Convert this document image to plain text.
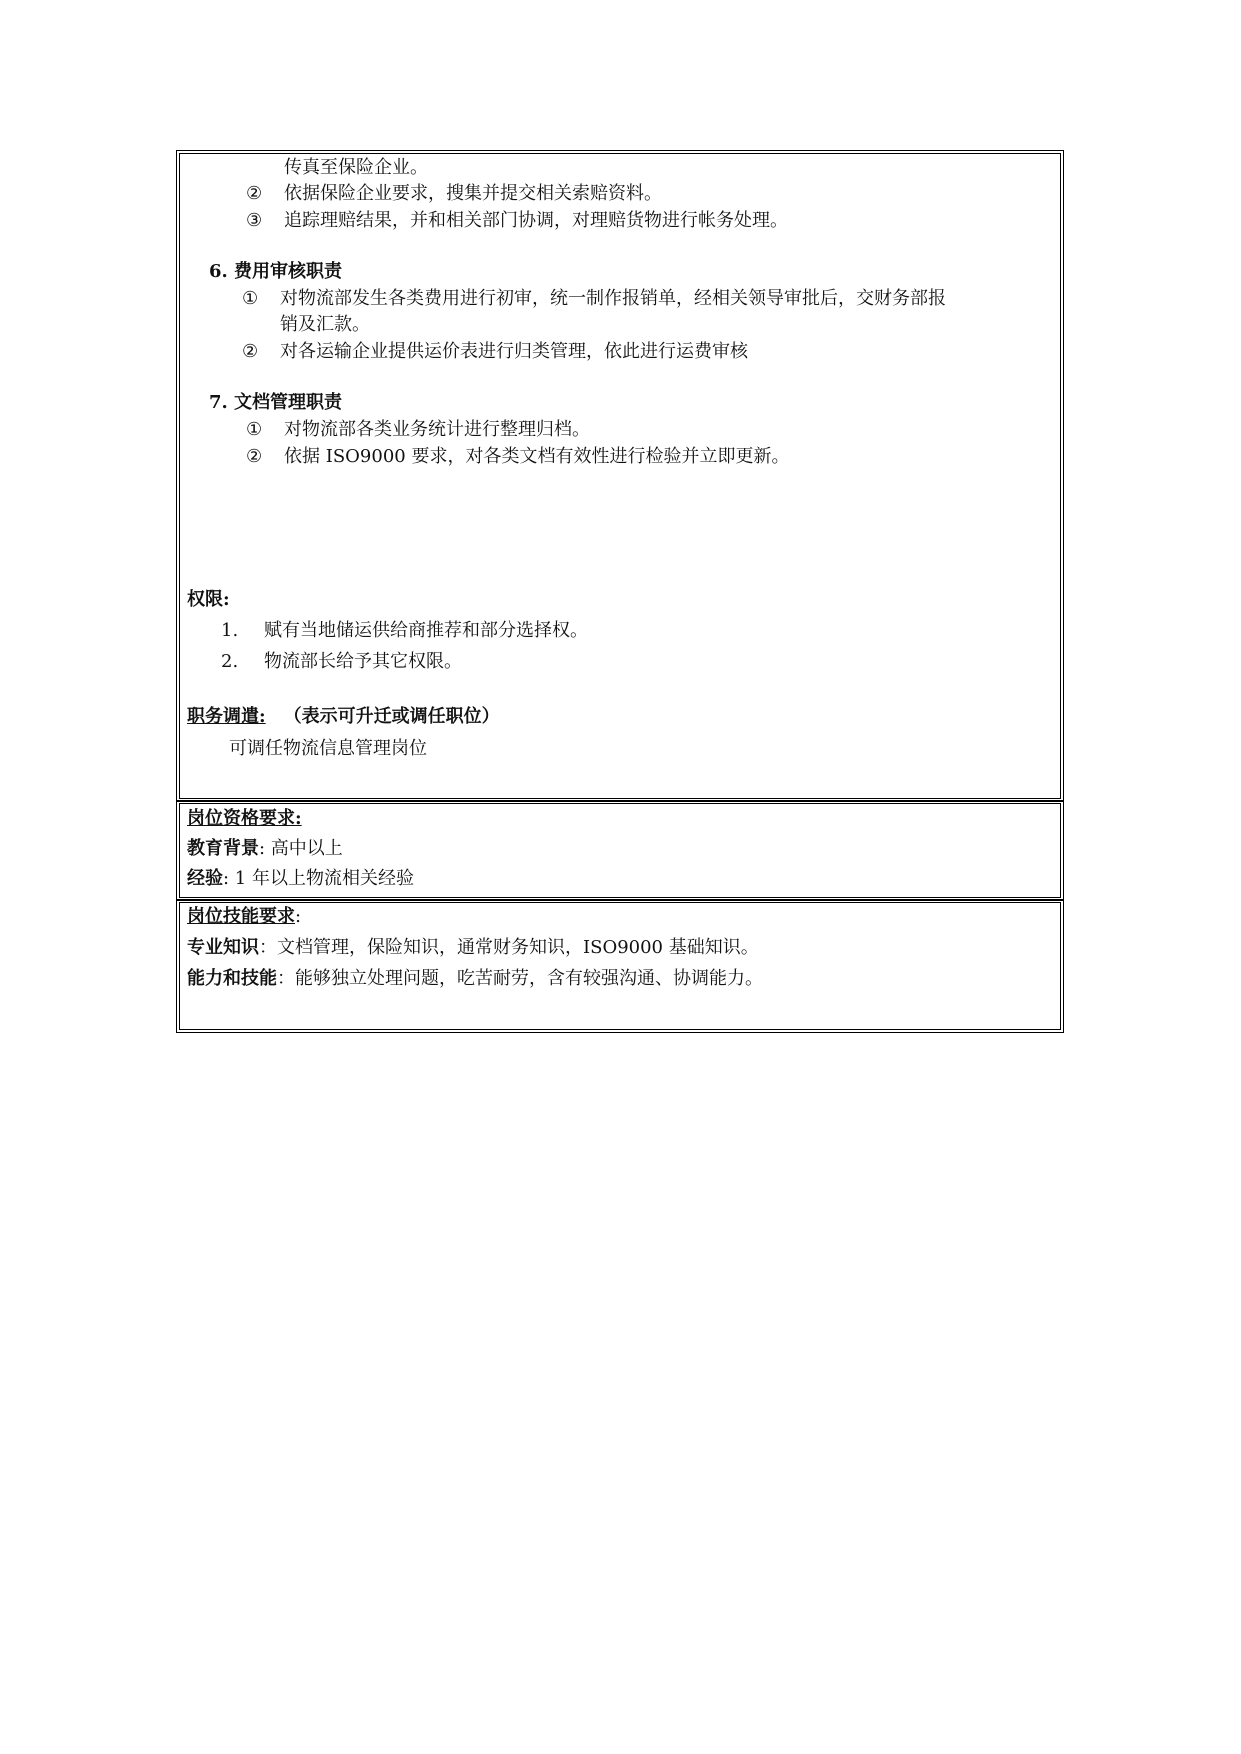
传真至保险企业。
② 依据保险企业要求，搜集并提交相关索赔资料。
③ 追踪理赔结果，并和相关部门协调，对理赔货物进行帐务处理。
6. 费用审核职责
① 对物流部发生各类费用进行初审，统一制作报销单，经相关领导审批后，交财务部报
销及汇款。
② 对各运输企业提供运价表进行归类管理，依此进行运费审核
7. 文档管理职责
① 对物流部各类业务统计进行整理归档。
② 依据 ISO9000 要求，对各类文档有效性进行检验并立即更新。
权限:
1. 赋有当地储运供给商推荐和部分选择权。
2. 物流部长给予其它权限。
职务调遣: （表示可升迁或调任职位）
可调任物流信息管理岗位
岗位资格要求:
教育背景: 高中以上
经验: 1 年以上物流相关经验
岗位技能要求:
专业知识：文档管理，保险知识，通常财务知识，ISO9000 基础知识。
能力和技能：能够独立处理问题，吃苦耐劳，含有较强沟通、协调能力。
